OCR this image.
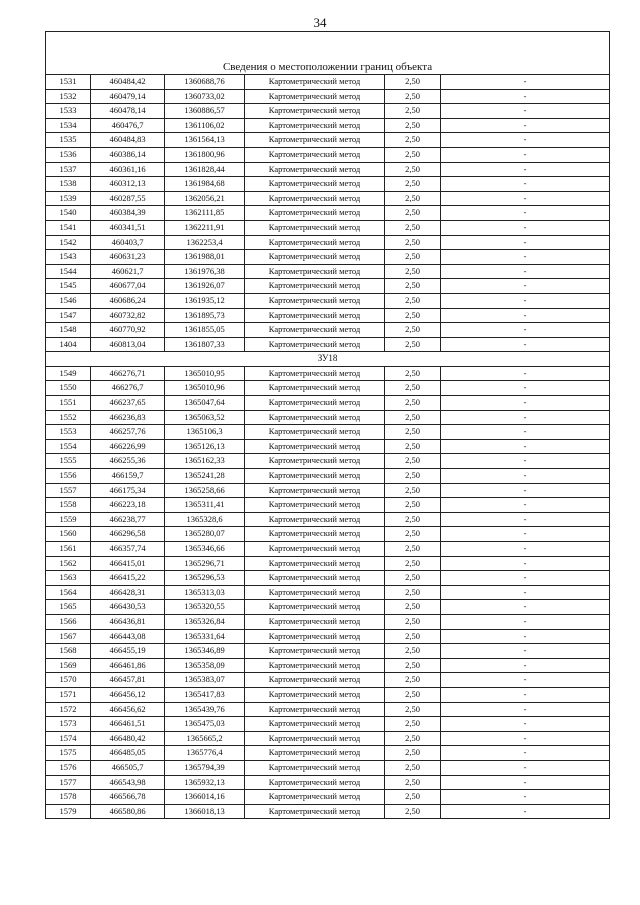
34

Сведения о местоположении границ объекта					
1531	460484,42	1360688,76	Картометрический метод	2,50	-
1532	460479,14	1360733,02	Картометрический метод	2,50	-
1533	460478,14	1360886,57	Картометрический метод	2,50	-
1534	460476,7	1361106,02	Картометрический метод	2,50	-
1535	460484,83	1361564,13	Картометрический метод	2,50	-
1536	460386,14	1361800,96	Картометрический метод	2,50	-
1537	460361,16	1361828,44	Картометрический метод	2,50	-
1538	460312,13	1361984,68	Картометрический метод	2,50	-
1539	460287,55	1362056,21	Картометрический метод	2,50	-
1540	460384,39	1362111,85	Картометрический метод	2,50	-
1541	460341,51	1362211,91	Картометрический метод	2,50	-
1542	460403,7	1362253,4	Картометрический метод	2,50	-
1543	460631,23	1361988,01	Картометрический метод	2,50	-
1544	460621,7	1361976,38	Картометрический метод	2,50	-
1545	460677,04	1361926,07	Картометрический метод	2,50	-
1546	460686,24	1361935,12	Картометрический метод	2,50	-
1547	460732,82	1361895,73	Картометрический метод	2,50	-
1548	460770,92	1361855,05	Картометрический метод	2,50	-
1404	460813,04	1361807,33	Картометрический метод	2,50	-
ЗУ18					
1549	466276,71	1365010,95	Картометрический метод	2,50	-
1550	466276,7	1365010,96	Картометрический метод	2,50	-
1551	466237,65	1365047,64	Картометрический метод	2,50	-
1552	466236,83	1365063,52	Картометрический метод	2,50	-
1553	466257,76	1365106,3	Картометрический метод	2,50	-
1554	466226,99	1365126,13	Картометрический метод	2,50	-
1555	466255,36	1365162,33	Картометрический метод	2,50	-
1556	466159,7	1365241,28	Картометрический метод	2,50	-
1557	466175,34	1365258,66	Картометрический метод	2,50	-
1558	466223,18	1365311,41	Картометрический метод	2,50	-
1559	466238,77	1365328,6	Картометрический метод	2,50	-
1560	466296,58	1365280,07	Картометрический метод	2,50	-
1561	466357,74	1365346,66	Картометрический метод	2,50	-
1562	466415,01	1365296,71	Картометрический метод	2,50	-
1563	466415,22	1365296,53	Картометрический метод	2,50	-
1564	466428,31	1365313,03	Картометрический метод	2,50	-
1565	466430,53	1365320,55	Картометрический метод	2,50	-
1566	466436,81	1365326,84	Картометрический метод	2,50	-
1567	466443,08	1365331,64	Картометрический метод	2,50	-
1568	466455,19	1365346,89	Картометрический метод	2,50	-
1569	466461,86	1365358,09	Картометрический метод	2,50	-
1570	466457,81	1365383,07	Картометрический метод	2,50	-
1571	466456,12	1365417,83	Картометрический метод	2,50	-
1572	466456,62	1365439,76	Картометрический метод	2,50	-
1573	466461,51	1365475,03	Картометрический метод	2,50	-
1574	466480,42	1365665,2	Картометрический метод	2,50	-
1575	466485,05	1365776,4	Картометрический метод	2,50	-
1576	466505,7	1365794,39	Картометрический метод	2,50	-
1577	466543,98	1365932,13	Картометрический метод	2,50	-
1578	466566,78	1366014,16	Картометрический метод	2,50	-
1579	466580,86	1366018,13	Картометрический метод	2,50	-
